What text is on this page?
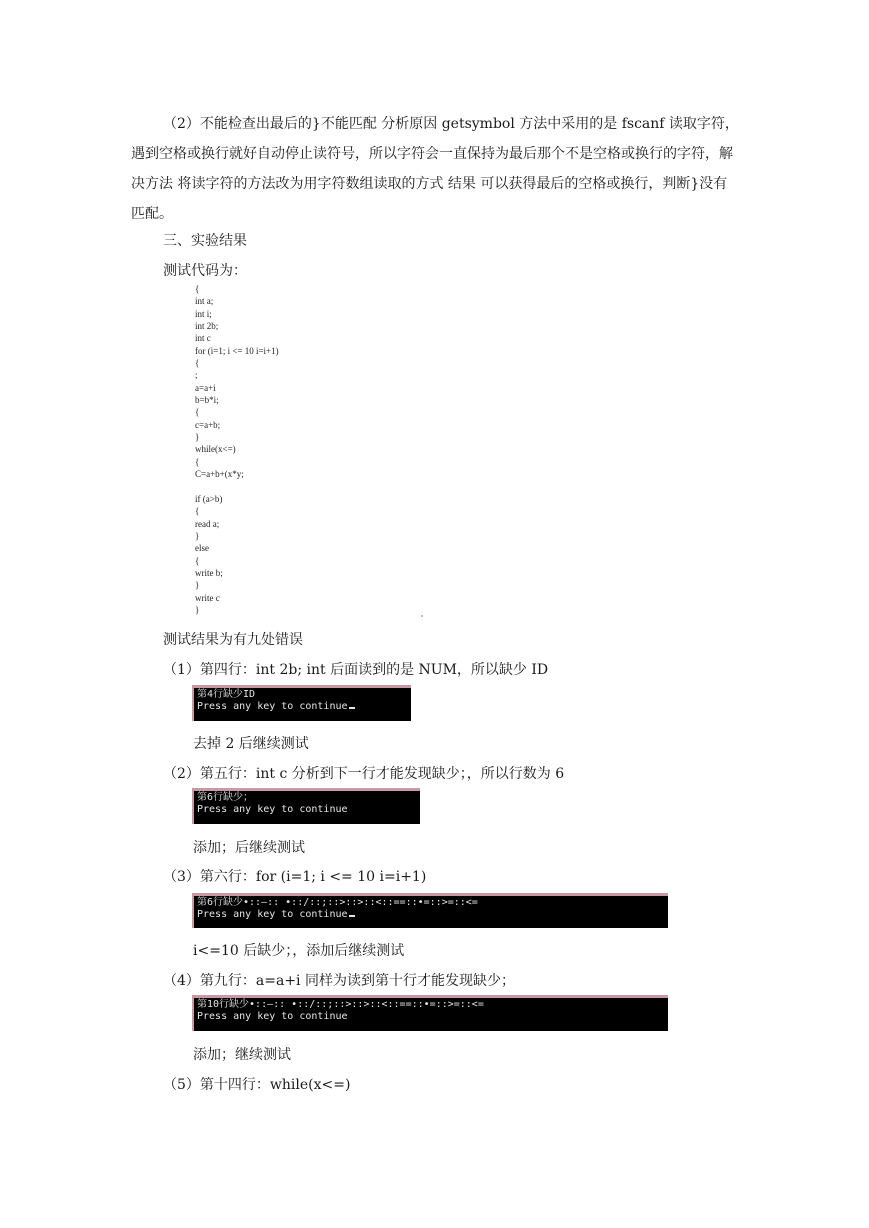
（2）不能检查出最后的}不能匹配 分析原因 getsymbol 方法中采用的是 fscanf 读取字符，遇到空格或换行就好自动停止读符号，所以字符会一直保持为最后那个不是空格或换行的字符，解决方法 将读字符的方法改为用字符数组读取的方式 结果 可以获得最后的空格或换行，判断}没有匹配。

三、实验结果
测试代码为：
{
int a;
int i;
int 2b;
int c
for (i=1; i <= 10 i=i+1)
{
;
a=a+i
b=b*i;
{
c=a+b;
}
while(x<=)
{
C=a+b+(x*y;
if (a>b)
{
read a;
}
else
{
write b;
}
write c
}
测试结果为有九处错误
（1）第四行：int 2b; int 后面读到的是 NUM，所以缺少 ID
第4行缺少ID
Press any key to continue
去掉 2 后继续测试
（2）第五行：int c 分析到下一行才能发现缺少；，所以行数为 6
第6行缺少；
Press any key to continue
添加；后继续测试
（3）第六行：for (i=1; i <= 10 i=i+1)
第6行缺少•::–:: •::/::;::>::>::<::==::•=::>=::<=
Press any key to continue
i<=10 后缺少；，添加后继续测试
（4）第九行：a=a+i 同样为读到第十行才能发现缺少；
第10行缺少•::–:: •::/::;::>::>::<::==::•=::>=::<=
Press any key to continue
添加；继续测试
（5）第十四行：while(x<=)
